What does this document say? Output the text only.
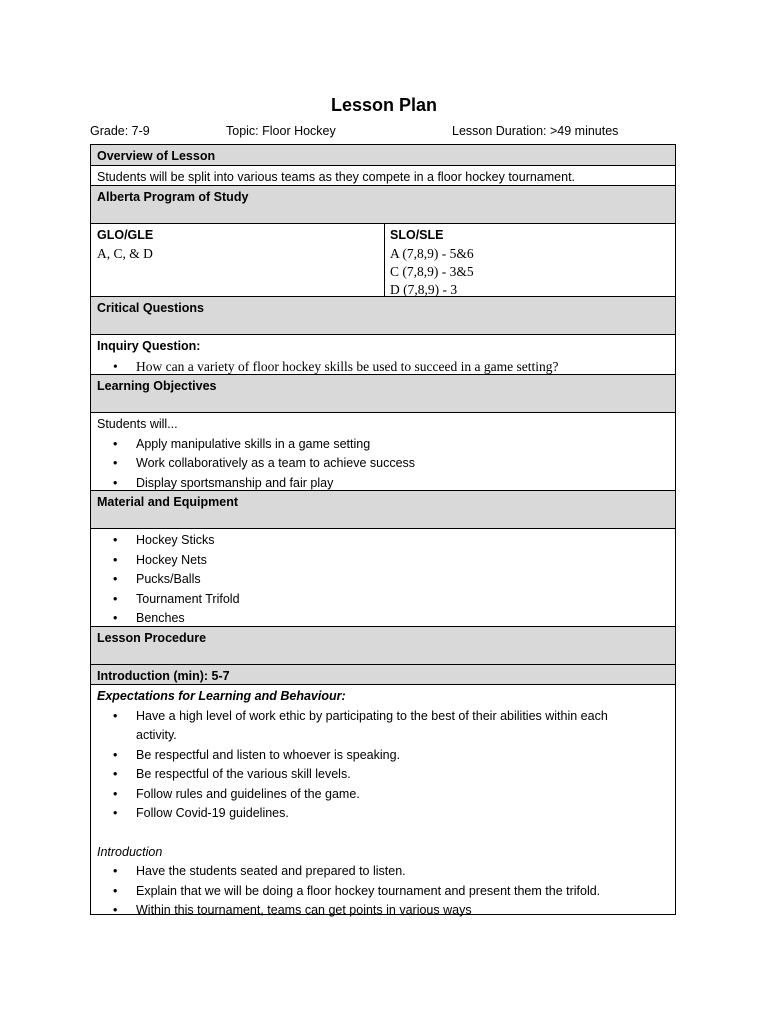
Lesson Plan
Grade: 7-9	Topic: Floor Hockey	Lesson Duration: >49 minutes
Overview of Lesson
Students will be split into various teams as they compete in a floor hockey tournament.
Alberta Program of Study
GLO/GLE
A, C, & D
SLO/SLE
A (7,8,9) - 5&6
C (7,8,9) - 3&5
D (7,8,9) - 3
Critical Questions
Inquiry Question:
• How can a variety of floor hockey skills be used to succeed in a game setting?
Learning Objectives
Students will...
• Apply manipulative skills in a game setting
• Work collaboratively as a team to achieve success
• Display sportsmanship and fair play
Material and Equipment
• Hockey Sticks
• Hockey Nets
• Pucks/Balls
• Tournament Trifold
• Benches
Lesson Procedure
Introduction (min): 5-7
Expectations for Learning and Behaviour:
• Have a high level of work ethic by participating to the best of their abilities within each activity.
• Be respectful and listen to whoever is speaking.
• Be respectful of the various skill levels.
• Follow rules and guidelines of the game.
• Follow Covid-19 guidelines.
Introduction
• Have the students seated and prepared to listen.
• Explain that we will be doing a floor hockey tournament and present them the trifold.
• Within this tournament, teams can get points in various ways
